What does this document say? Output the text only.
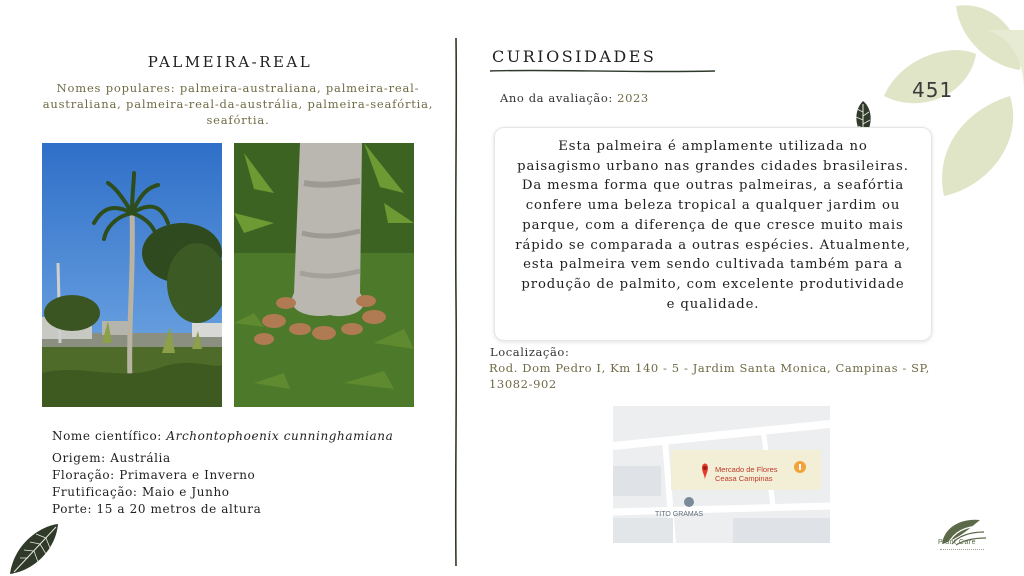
451
PALMEIRA-REAL
Nomes populares: palmeira-australiana, palmeira-real-australiana, palmeira-real-da-austrália, palmeira-seafórtia, seafórtia.
Nome científico: Archontophoenix cunninghamiana
Origem: Austrália
Floração: Primavera e Inverno
Frutificação: Maio e Junho
Porte: 15 a 20 metros de altura
CURIOSIDADES
Ano da avaliação: 2023

Esta palmeira é amplamente utilizada no paisagismo urbano nas grandes cidades brasileiras. Da mesma forma que outras palmeiras, a seafórtia confere uma beleza tropical a qualquer jardim ou parque, com a diferença de que cresce muito mais rápido se comparada a outras espécies. Atualmente, esta palmeira vem sendo cultivada também para a produção de palmito, com excelente produtividade e qualidade.

Localização:
Rod. Dom Pedro I, Km 140 - 5 - Jardim Santa Monica, Campinas - SP, 13082-902
Mercado de Flores
Ceasa Campinas
TITO GRAMAS
Plant Care
